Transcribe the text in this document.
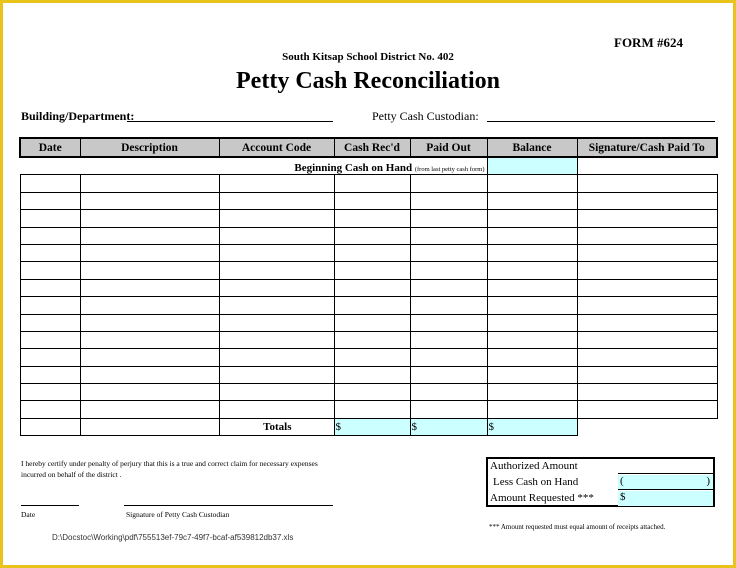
FORM #624
South Kitsap School District No. 402
Petty Cash Reconciliation
Building/Department:	Petty Cash Custodian:
Date	Description	Account Code	Cash Rec'd	Paid Out	Balance	Signature/Cash Paid To
Beginning Cash on Hand (from last petty cash form)						

		Totals	$	$	$	
I hereby certify under penalty of perjury that this is a true and correct claim for necessary expenses incurred on behalf of the district .
Date	Signature of Petty Cash Custodian
D:\Docstoc\Working\pdf\755513ef-79c7-49f7-bcaf-af539812db37.xls
Authorized Amount
Less Cash on Hand	(	)
Amount Requested *** $
*** Amount requested must equal amount of receipts attached.
